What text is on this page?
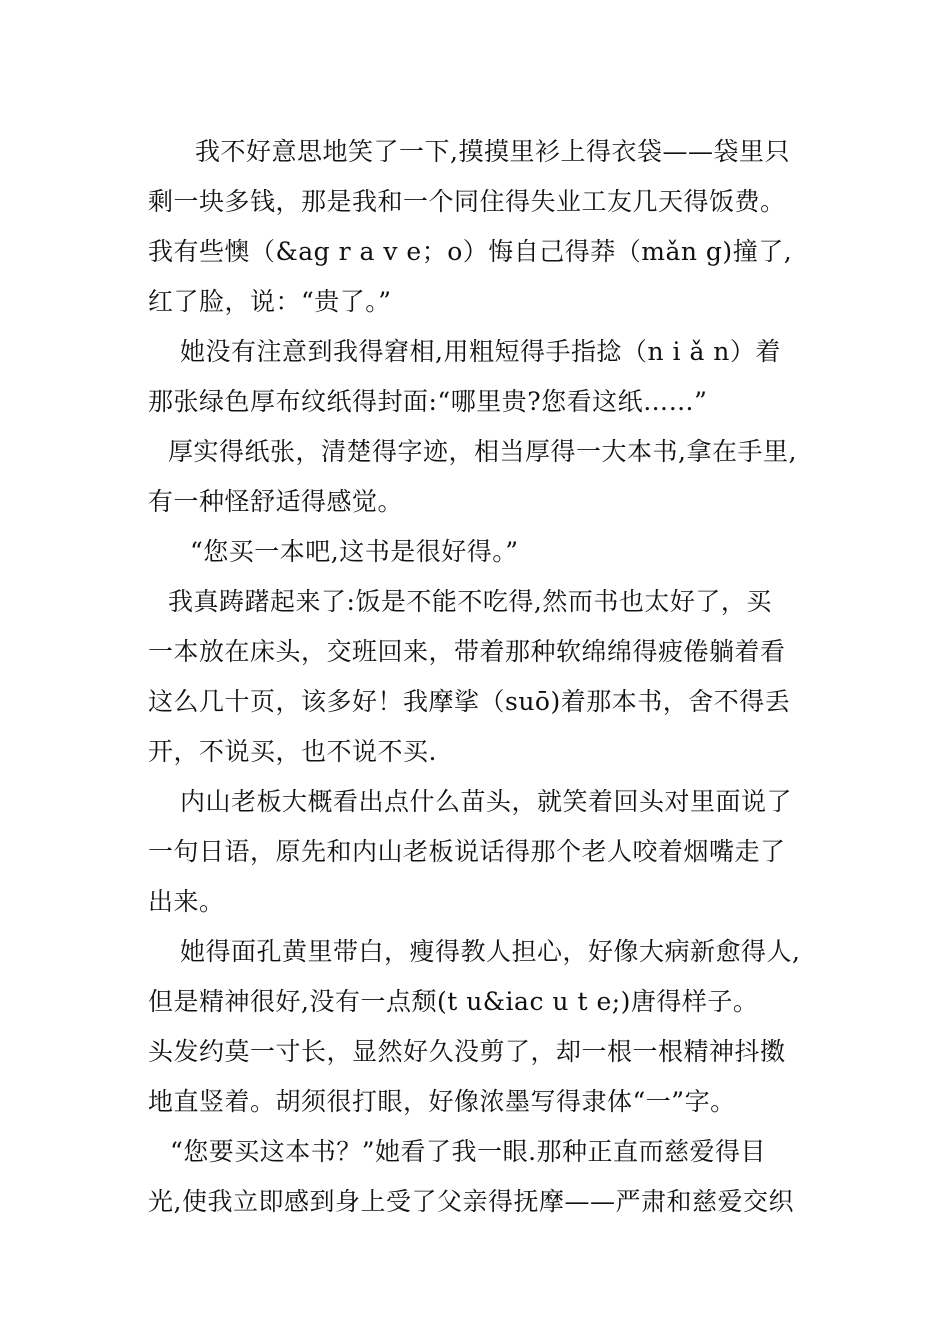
我不好意思地笑了一下,摸摸里衫上得衣袋——袋里只
剩一块多钱，那是我和一个同住得失业工友几天得饭费。
我有些懊（&ag r a v e；o）悔自己得莽（mǎn g)撞了,
红了脸，说：“贵了。”
她没有注意到我得窘相,用粗短得手指捻（n i ǎ n）着
那张绿色厚布纹纸得封面:“哪里贵?您看这纸……”
厚实得纸张，清楚得字迹，相当厚得一大本书,拿在手里,
有一种怪舒适得感觉。
“您买一本吧,这书是很好得。”
我真踌躇起来了:饭是不能不吃得,然而书也太好了，买
一本放在床头，交班回来，带着那种软绵绵得疲倦躺着看
这么几十页，该多好！我摩挲（suō)着那本书，舍不得丢
开，不说买，也不说不买.
内山老板大概看出点什么苗头，就笑着回头对里面说了
一句日语，原先和内山老板说话得那个老人咬着烟嘴走了
出来。
她得面孔黄里带白，瘦得教人担心，好像大病新愈得人,
但是精神很好,没有一点颓(t u&iac u t e;)唐得样子。
头发约莫一寸长，显然好久没剪了，却一根一根精神抖擞
地直竖着。胡须很打眼，好像浓墨写得隶体“一”字。
“您要买这本书？”她看了我一眼.那种正直而慈爱得目
光,使我立即感到身上受了父亲得抚摩——严肃和慈爱交织
